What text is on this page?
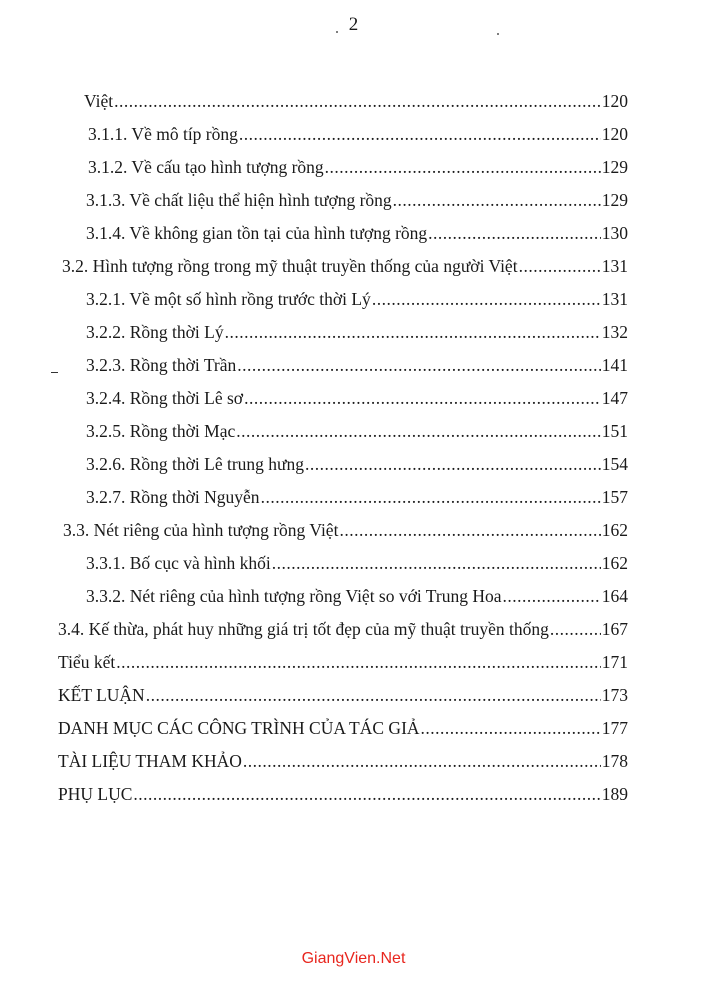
2
Việt .....	120
3.1.1. Về mô típ rồng .....	120
3.1.2. Về cấu tạo hình tượng rồng .....	129
3.1.3. Về chất liệu thể hiện hình tượng rồng .....	129
3.1.4. Về không gian tồn tại của hình tượng rồng .....	130
3.2. Hình tượng rồng trong mỹ thuật truyền thống của người Việt .....	131
3.2.1. Về một số hình rồng trước thời Lý .....	131
3.2.2. Rồng thời Lý .....	132
3.2.3. Rồng thời Trần .....	141
3.2.4. Rồng thời Lê sơ .....	147
3.2.5. Rồng thời Mạc .....	151
3.2.6. Rồng thời Lê trung hưng .....	154
3.2.7. Rồng thời Nguyễn .....	157
3.3. Nét riêng của hình tượng rồng Việt .....	162
3.3.1. Bố cục và hình khối .....	162
3.3.2. Nét riêng của hình tượng rồng Việt so với Trung Hoa .....	164
3.4. Kế thừa, phát huy những giá trị tốt đẹp của mỹ thuật truyền thống .....	167
Tiểu kết .....	171
KẾT LUẬN .....	173
DANH MỤC CÁC CÔNG TRÌNH CỦA TÁC GIẢ .....	177
TÀI LIỆU THAM KHẢO .....	178
PHỤ LỤC .....	189
GiangVien.Net
